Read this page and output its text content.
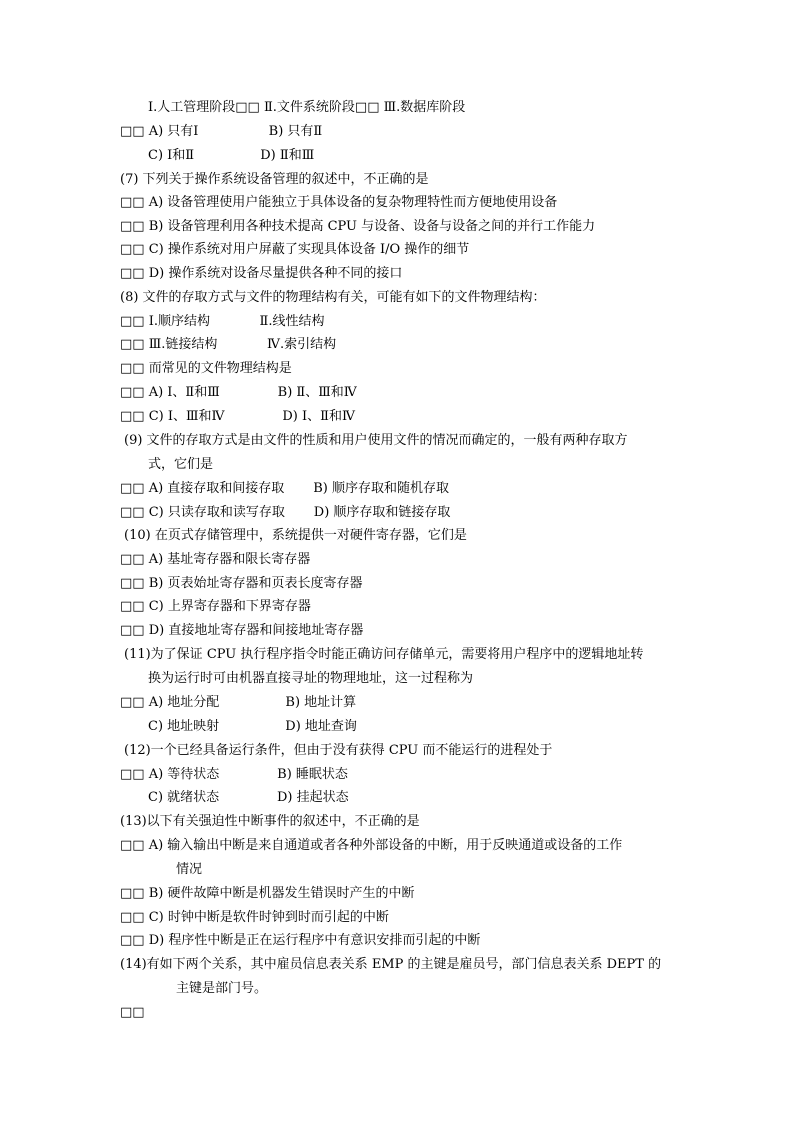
Ⅰ.人工管理阶段□□ Ⅱ.文件系统阶段□□ Ⅲ.数据库阶段
□□ A) 只有Ⅰ                 B) 只有Ⅱ
C) Ⅰ和Ⅱ                D) Ⅱ和Ⅲ
(7) 下列关于操作系统设备管理的叙述中，不正确的是
□□ A) 设备管理使用户能独立于具体设备的复杂物理特性而方便地使用设备
□□ B) 设备管理利用各种技术提高 CPU 与设备、设备与设备之间的并行工作能力
□□ C) 操作系统对用户屏蔽了实现具体设备 I/O 操作的细节
□□ D) 操作系统对设备尽量提供各种不同的接口
(8) 文件的存取方式与文件的物理结构有关，可能有如下的文件物理结构：
□□ Ⅰ.顺序结构            Ⅱ.线性结构
□□ Ⅲ.链接结构            Ⅳ.索引结构
□□ 而常见的文件物理结构是
□□ A) Ⅰ、Ⅱ和Ⅲ              B) Ⅱ、Ⅲ和Ⅳ
□□ C) Ⅰ、Ⅲ和Ⅳ              D) Ⅰ、Ⅱ和Ⅳ
(9) 文件的存取方式是由文件的性质和用户使用文件的情况而确定的，一般有两种存取方
式，它们是
□□ A) 直接存取和间接存取       B) 顺序存取和随机存取
□□ C) 只读存取和读写存取       D) 顺序存取和链接存取
(10) 在页式存储管理中，系统提供一对硬件寄存器，它们是
□□ A) 基址寄存器和限长寄存器
□□ B) 页表始址寄存器和页表长度寄存器
□□ C) 上界寄存器和下界寄存器
□□ D) 直接地址寄存器和间接地址寄存器
(11)为了保证 CPU 执行程序指令时能正确访问存储单元，需要将用户程序中的逻辑地址转
换为运行时可由机器直接寻址的物理地址，这一过程称为
□□ A) 地址分配                B) 地址计算
C) 地址映射                D) 地址查询
(12)一个已经具备运行条件，但由于没有获得 CPU 而不能运行的进程处于
□□ A) 等待状态              B) 睡眠状态
C) 就绪状态              D) 挂起状态
(13)以下有关强迫性中断事件的叙述中，不正确的是
□□ A) 输入输出中断是来自通道或者各种外部设备的中断，用于反映通道或设备的工作
情况
□□ B) 硬件故障中断是机器发生错误时产生的中断
□□ C) 时钟中断是软件时钟到时而引起的中断
□□ D) 程序性中断是正在运行程序中有意识安排而引起的中断
(14)有如下两个关系，其中雇员信息表关系 EMP 的主键是雇员号，部门信息表关系 DEPT 的
主键是部门号。
□□
